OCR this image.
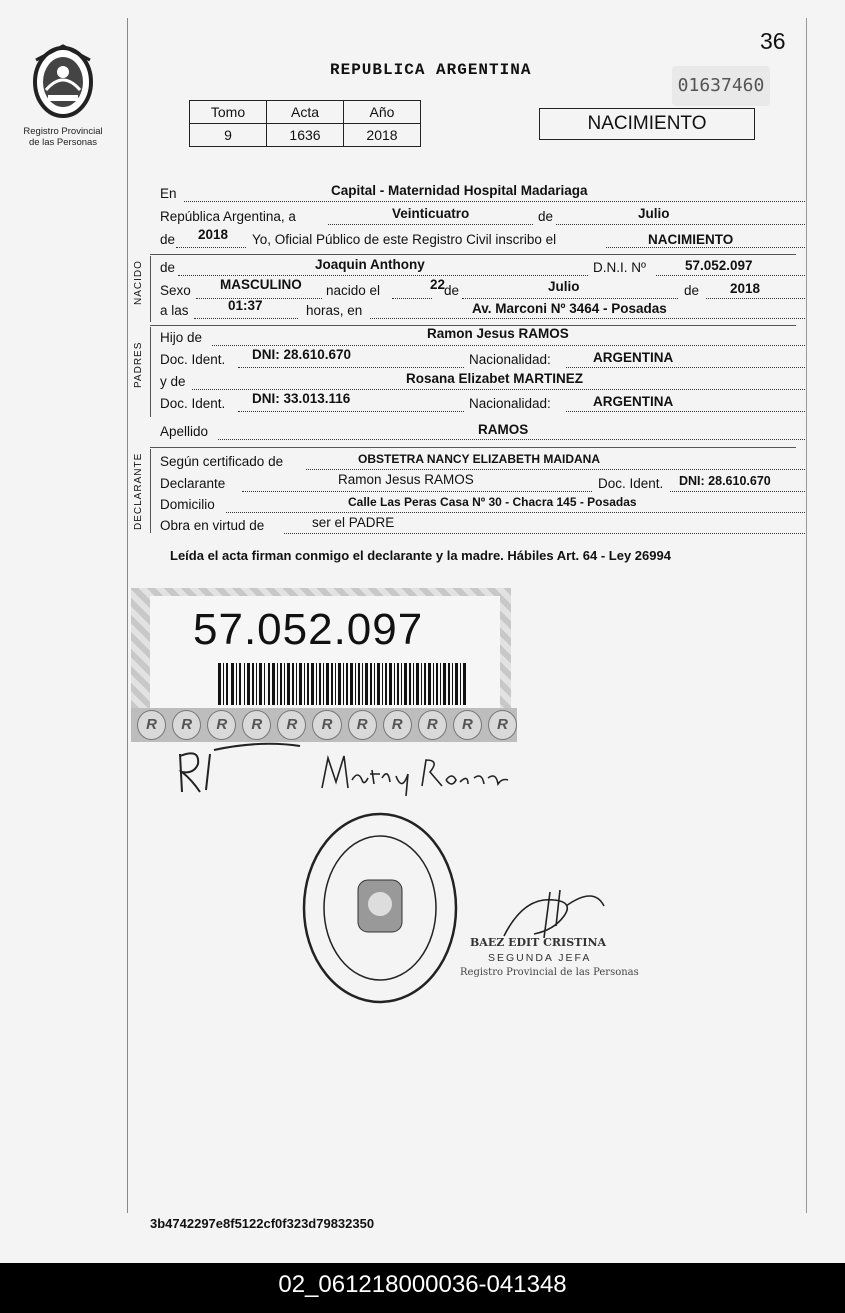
Registro Provincial
de las Personas
36
REPUBLICA ARGENTINA
01637460
Tomo	Acta	Año
9	1636	2018
NACIMIENTO
En	Capital - Maternidad Hospital Madariaga
República Argentina, a	Veinticuatro	de	Julio
de 2018 Yo, Oficial Público de este Registro Civil inscribo el	NACIMIENTO
NACIDO de	Joaquin Anthony	D.N.I. Nº	57.052.097
Sexo MASCULINO nacido el	22
de	Julio	de 2018
a las	01:37	horas, en	Av. Marconi Nº 3464 - Posadas
PADRES
Hijo de	Ramon Jesus RAMOS
Doc. Ident. DNI: 28.610.670	Nacionalidad:	ARGENTINA
y de	Rosana Elizabet MARTINEZ
Doc. Ident. DNI: 33.013.116	Nacionalidad:	ARGENTINA
Apellido	RAMOS
DECLARANTE Según certificado de	OBSTETRA NANCY ELIZABETH MAIDANA
Declarante	Ramon Jesus RAMOS	Doc. Ident. DNI: 28.610.670
Domicilio	Calle Las Peras Casa Nº 30 - Chacra 145 - Posadas
Obra en virtud de	ser el PADRE
Leída el acta firman conmigo el declarante y la madre. Hábiles Art. 64 - Ley 26994
57.052.097
R	R	R	R	R	R	R	R	R	R	R
BAEZ EDIT CRISTINA
SEGUNDA JEFA
Registro Provincial de las Personas
3b4742297e8f5122cf0f323d79832350
02_061218000036-041348
